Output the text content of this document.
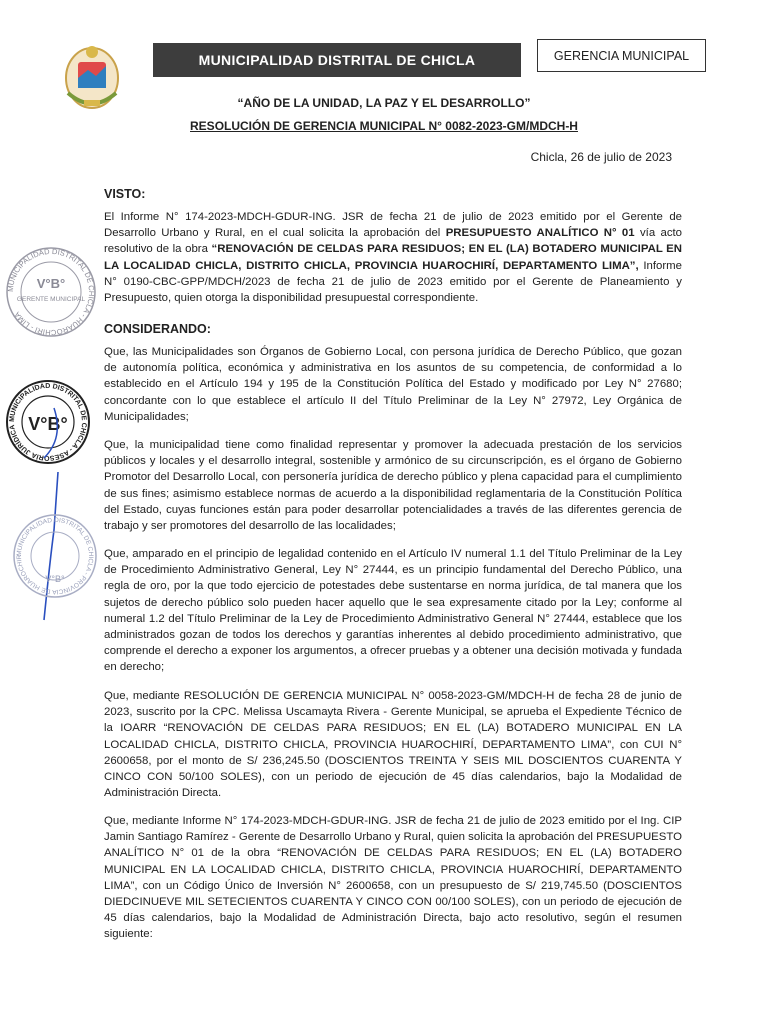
MUNICIPALIDAD DISTRITAL DE CHICLA	GERENCIA MUNICIPAL
“AÑO DE LA UNIDAD, LA PAZ Y EL DESARROLLO”
RESOLUCIÓN DE GERENCIA MUNICIPAL N° 0082-2023-GM/MDCH-H
Chicla, 26 de julio de 2023
VISTO:

El Informe N° 174-2023-MDCH-GDUR-ING. JSR de fecha 21 de julio de 2023 emitido por el Gerente de Desarrollo Urbano y Rural, en el cual solicita la aprobación del PRESUPUESTO ANALÍTICO N° 01 vía acto resolutivo de la obra “RENOVACIÓN DE CELDAS PARA RESIDUOS; EN EL (LA) BOTADERO MUNICIPAL EN LA LOCALIDAD CHICLA, DISTRITO CHICLA, PROVINCIA HUAROCHIRÍ, DEPARTAMENTO LIMA”, Informe N° 0190-CBC-GPP/MDCH/2023 de fecha 21 de julio de 2023 emitido por el Gerente de Planeamiento y Presupuesto, quien otorga la disponibilidad presupuestal correspondiente.

CONSIDERANDO:

Que, las Municipalidades son Órganos de Gobierno Local, con persona jurídica de Derecho Público, que gozan de autonomía política, económica y administrativa en los asuntos de su competencia, de conformidad a lo establecido en el Artículo 194 y 195 de la Constitución Política del Estado y modificado por Ley N° 27680; concordante con lo que establece el artículo II del Título Preliminar de la Ley N° 27972, Ley Orgánica de Municipalidades;

Que, la municipalidad tiene como finalidad representar y promover la adecuada prestación de los servicios públicos y locales y el desarrollo integral, sostenible y armónico de su circunscripción, es el órgano de Gobierno Promotor del Desarrollo Local, con personería jurídica de derecho público y plena capacidad para el cumplimiento de sus fines; asimismo establece normas de acuerdo a la disponibilidad reglamentaria de la Constitución Política del Estado, cuyas funciones están para poder desarrollar potencialidades a través de las diferentes gerencia de trabajo y ser promotores del desarrollo de las localidades;

Que, amparado en el principio de legalidad contenido en el Artículo IV numeral 1.1 del Título Preliminar de la Ley de Procedimiento Administrativo General, Ley N° 27444, es un principio fundamental del Derecho Público, una regla de oro, por la que todo ejercicio de potestades debe sustentarse en norma jurídica, de tal manera que los sujetos de derecho público solo pueden hacer aquello que le sea expresamente citado por la Ley; conforme al numeral 1.2 del Título Preliminar de la Ley de Procedimiento Administrativo General N° 27444, establece que los administrados gozan de todos los derechos y garantías inherentes al debido procedimiento administrativo, que comprende el derecho a exponer los argumentos, a ofrecer pruebas y a obtener una decisión motivada y fundada en derecho;

Que, mediante RESOLUCIÓN DE GERENCIA MUNICIPAL N° 0058-2023-GM/MDCH-H de fecha 28 de junio de 2023, suscrito por la CPC. Melissa Uscamayta Rivera - Gerente Municipal, se aprueba el Expediente Técnico de la IOARR “RENOVACIÓN DE CELDAS PARA RESIDUOS; EN EL (LA) BOTADERO MUNICIPAL EN LA LOCALIDAD CHICLA, DISTRITO CHICLA, PROVINCIA HUAROCHIRÍ, DEPARTAMENTO LIMA”, con CUI N° 2600658, por el monto de S/ 236,245.50 (DOSCIENTOS TREINTA Y SEIS MIL DOSCIENTOS CUARENTA Y CINCO CON 50/100 SOLES), con un periodo de ejecución de 45 días calendarios, bajo la Modalidad de Administración Directa.

Que, mediante Informe N° 174-2023-MDCH-GDUR-ING. JSR de fecha 21 de julio de 2023 emitido por el Ing. CIP Jamin Santiago Ramírez - Gerente de Desarrollo Urbano y Rural, quien solicita la aprobación del PRESUPUESTO ANALÍTICO N° 01 de la obra “RENOVACIÓN DE CELDAS PARA RESIDUOS; EN EL (LA) BOTADERO MUNICIPAL EN LA LOCALIDAD CHICLA, DISTRITO CHICLA, PROVINCIA HUAROCHIRÍ, DEPARTAMENTO LIMA”, con un Código Único de Inversión N° 2600658, con un presupuesto de S/ 219,745.50 (DOSCIENTOS DIEDCINUEVE MIL SETECIENTOS CUARENTA Y CINCO CON 00/100 SOLES), con un periodo de ejecución de 45 días calendarios, bajo la Modalidad de Administración Directa, bajo acto resolutivo, según el resumen siguiente:

MUNICIPALIDAD DISTRITAL DE CHICLA - HUAROCHIRÍ - LIMA
V°B°
GERENTE MUNICIPAL
MUNICIPALIDAD DISTRITAL DE CHICLA - ASESORÍA JURÍDICA V°B°
MUNICIPALIDAD DISTRITAL DE CHICLA - PROVINCIA DE HUAROCHIR
V°B°
